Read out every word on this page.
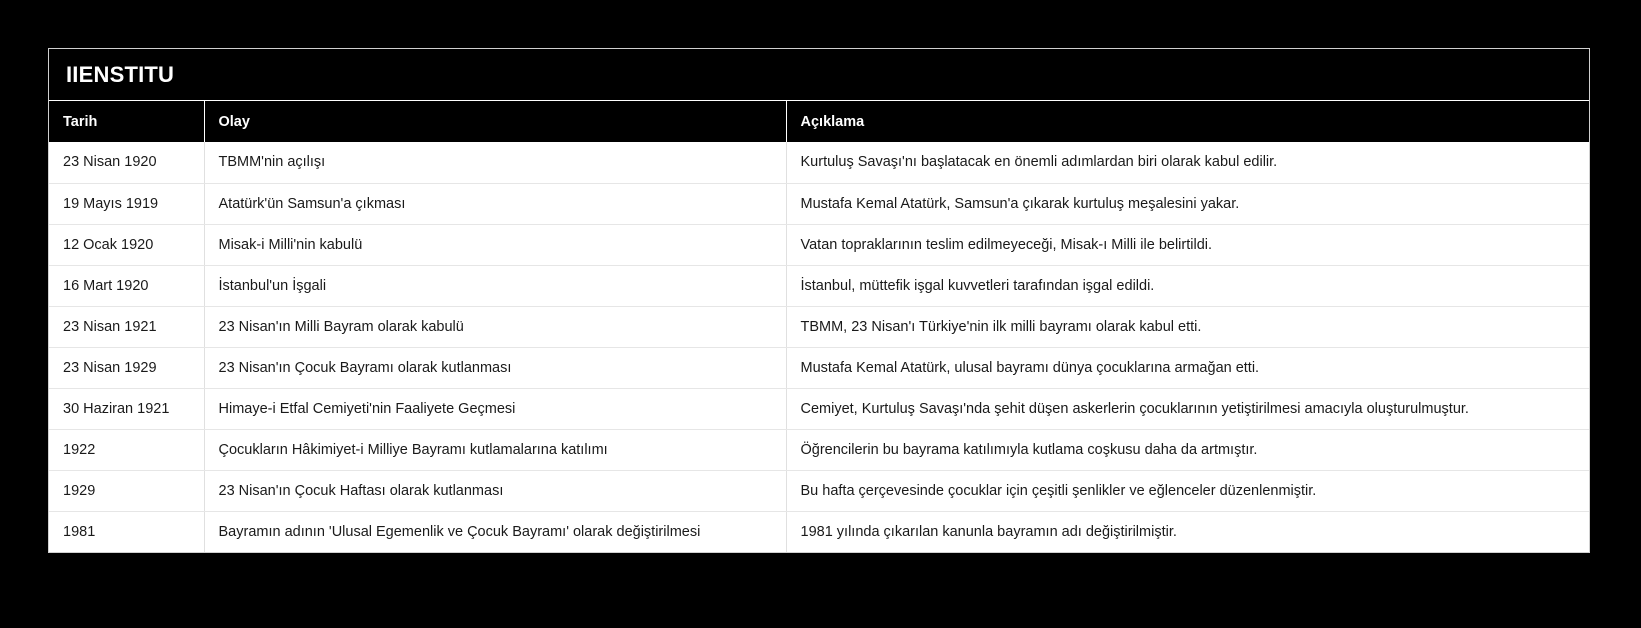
IIENSTITU
Tarih	Olay	Açıklama
23 Nisan 1920	TBMM'nin açılışı	Kurtuluş Savaşı'nı başlatacak en önemli adımlardan biri olarak kabul edilir.
19 Mayıs 1919	Atatürk'ün Samsun'a çıkması	Mustafa Kemal Atatürk, Samsun'a çıkarak kurtuluş meşalesini yakar.
12 Ocak 1920	Misak-i Milli'nin kabulü	Vatan topraklarının teslim edilmeyeceği, Misak-ı Milli ile belirtildi.
16 Mart 1920	İstanbul'un İşgali	İstanbul, müttefik işgal kuvvetleri tarafından işgal edildi.
23 Nisan 1921	23 Nisan'ın Milli Bayram olarak kabulü	TBMM, 23 Nisan'ı Türkiye'nin ilk milli bayramı olarak kabul etti.
23 Nisan 1929	23 Nisan'ın Çocuk Bayramı olarak kutlanması	Mustafa Kemal Atatürk, ulusal bayramı dünya çocuklarına armağan etti.
30 Haziran 1921	Himaye-i Etfal Cemiyeti'nin Faaliyete Geçmesi	Cemiyet, Kurtuluş Savaşı'nda şehit düşen askerlerin çocuklarının yetiştirilmesi amacıyla oluşturulmuştur.
1922	Çocukların Hâkimiyet-i Milliye Bayramı kutlamalarına katılımı	Öğrencilerin bu bayrama katılımıyla kutlama coşkusu daha da artmıştır.
1929	23 Nisan'ın Çocuk Haftası olarak kutlanması	Bu hafta çerçevesinde çocuklar için çeşitli şenlikler ve eğlenceler düzenlenmiştir.
1981	Bayramın adının 'Ulusal Egemenlik ve Çocuk Bayramı' olarak değiştirilmesi	1981 yılında çıkarılan kanunla bayramın adı değiştirilmiştir.
